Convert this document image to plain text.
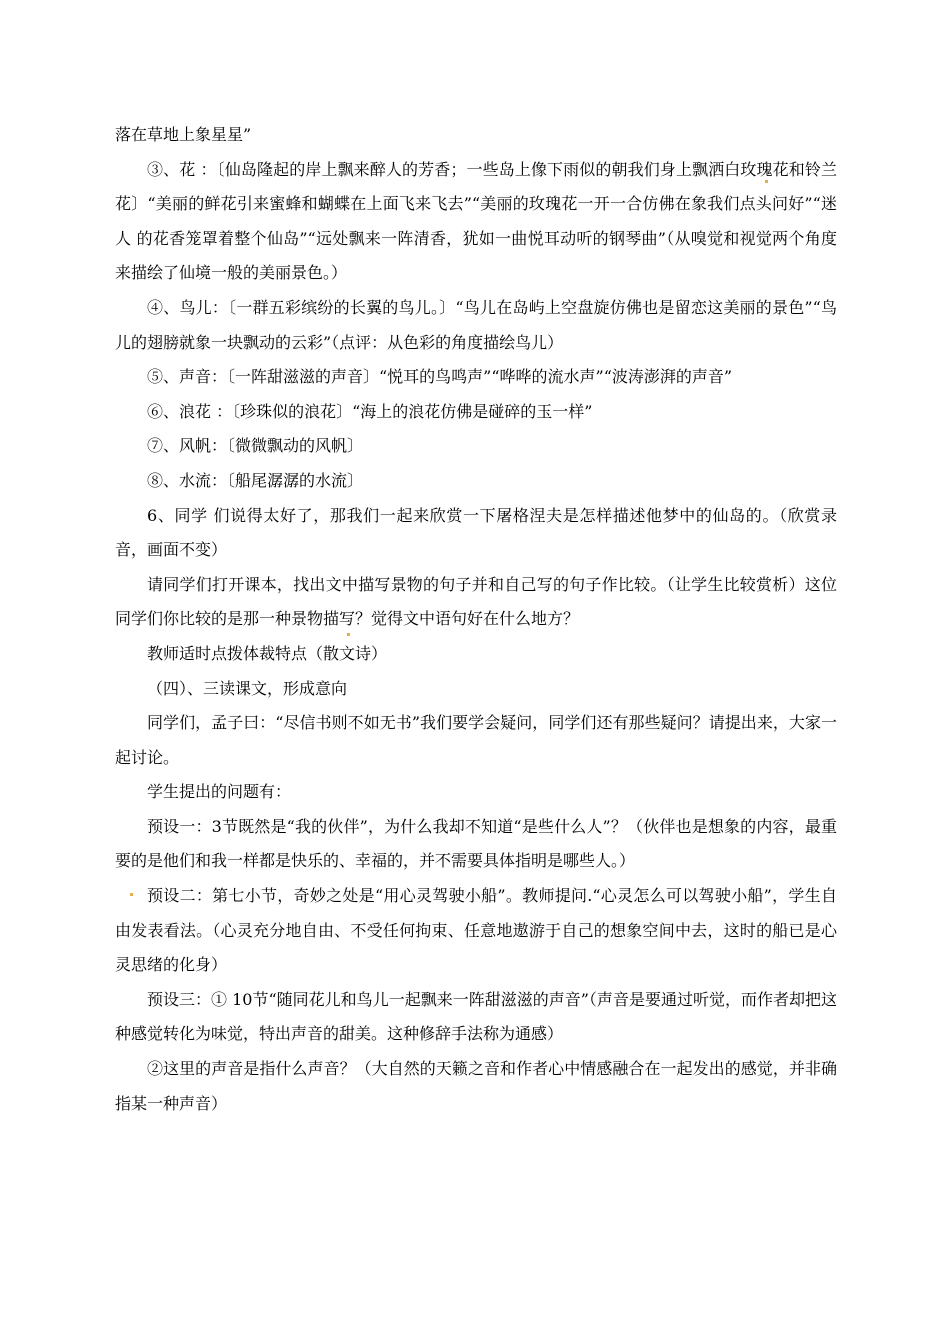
落在草地上象星星”

③、花 ：〔仙岛隆起的岸上飘来醉人的芳香；一些岛上像下雨似的朝我们身上飘洒白玫瑰花和铃兰花〕“美丽的鲜花引来蜜蜂和蝴蝶在上面飞来飞去”“美丽的玫瑰花一开一合仿佛在象我们点头问好”“迷人 的花香笼罩着整个仙岛”“远处飘来一阵清香，犹如一曲悦耳动听的钢琴曲”（从嗅觉和视觉两个角度来描绘了仙境一般的美丽景色。）

④、鸟儿：〔一群五彩缤纷的长翼的鸟儿。〕“鸟儿在岛屿上空盘旋仿佛也是留恋这美丽的景色”“鸟儿的翅膀就象一块飘动的云彩”（点评：从色彩的角度描绘鸟儿）

⑤、声音：〔一阵甜滋滋的声音〕“悦耳的鸟鸣声”“哗哗的流水声”“波涛澎湃的声音”

⑥、浪花 ：〔珍珠似的浪花〕“海上的浪花仿佛是碰碎的玉一样”

⑦、风帆：〔微微飘动的风帆〕

⑧、水流：〔船尾潺潺的水流〕

6、同学 们说得太好了，那我们一起来欣赏一下屠格涅夫是怎样描述他梦中的仙岛的。（欣赏录音，画面不变）

请同学们打开课本，找出文中描写景物的句子并和自己写的句子作比较。（让学生比较赏析）这位同学们你比较的是那一种景物描写？觉得文中语句好在什么地方？

教师适时点拨体裁特点（散文诗）

（四）、三读课文，形成意向

同学们，孟子曰：“尽信书则不如无书”我们要学会疑问，同学们还有那些疑问？请提出来，大家一起讨论。

学生提出的问题有：

预设一：3节既然是“我的伙伴”，为什么我却不知道“是些什么人”？（伙伴也是想象的内容，最重要的是他们和我一样都是快乐的、幸福的，并不需要具体指明是哪些人。）

预设二：第七小节，奇妙之处是“用心灵驾驶小船”。教师提问.“心灵怎么可以驾驶小船”，学生自由发表看法。（心灵充分地自由、不受任何拘束、任意地遨游于自己的想象空间中去，这时的船已是心灵思绪的化身）

预设三：① 10节“随同花儿和鸟儿一起飘来一阵甜滋滋的声音”（声音是要通过听觉，而作者却把这种感觉转化为味觉，特出声音的甜美。这种修辞手法称为通感）

②这里的声音是指什么声音？（大自然的天籁之音和作者心中情感融合在一起发出的感觉，并非确指某一种声音）
